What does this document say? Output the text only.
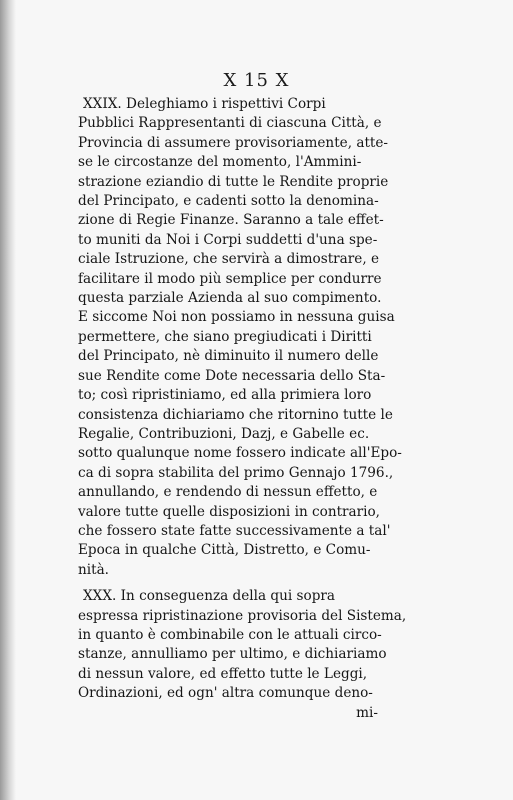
X 15 X
XXIX. Deleghiamo i rispettivi Corpi
Pubblici Rappresentanti di ciascuna Città, e
Provincia di assumere provisoriamente, atte-
se le circostanze del momento, l'Ammini-
strazione eziandio di tutte le Rendite proprie
del Principato, e cadenti sotto la denomina-
zione di Regie Finanze. Saranno a tale effet-
to muniti da Noi i Corpi suddetti d'una spe-
ciale Istruzione, che servirà a dimostrare, e
facilitare il modo più semplice per condurre
questa parziale Azienda al suo compimento.
E siccome Noi non possiamo in nessuna guisa
permettere, che siano pregiudicati i Diritti
del Principato, nè diminuito il numero delle
sue Rendite come Dote necessaria dello Sta-
to; così ripristiniamo, ed alla primiera loro
consistenza dichiariamo che ritornino tutte le
Regalie, Contribuzioni, Dazj, e Gabelle ec.
sotto qualunque nome fossero indicate all'Epo-
ca di sopra stabilita del primo Gennajo 1796.,
annullando, e rendendo di nessun effetto, e
valore tutte quelle disposizioni in contrario,
che fossero state fatte successivamente a tal'
Epoca in qualche Città, Distretto, e Comu-
nità.
XXX. In conseguenza della qui sopra
espressa ripristinazione provisoria del Sistema,
in quanto è combinabile con le attuali circo-
stanze, annulliamo per ultimo, e dichiariamo
di nessun valore, ed effetto tutte le Leggi,
Ordinazioni, ed ogn' altra comunque deno-
mi-
